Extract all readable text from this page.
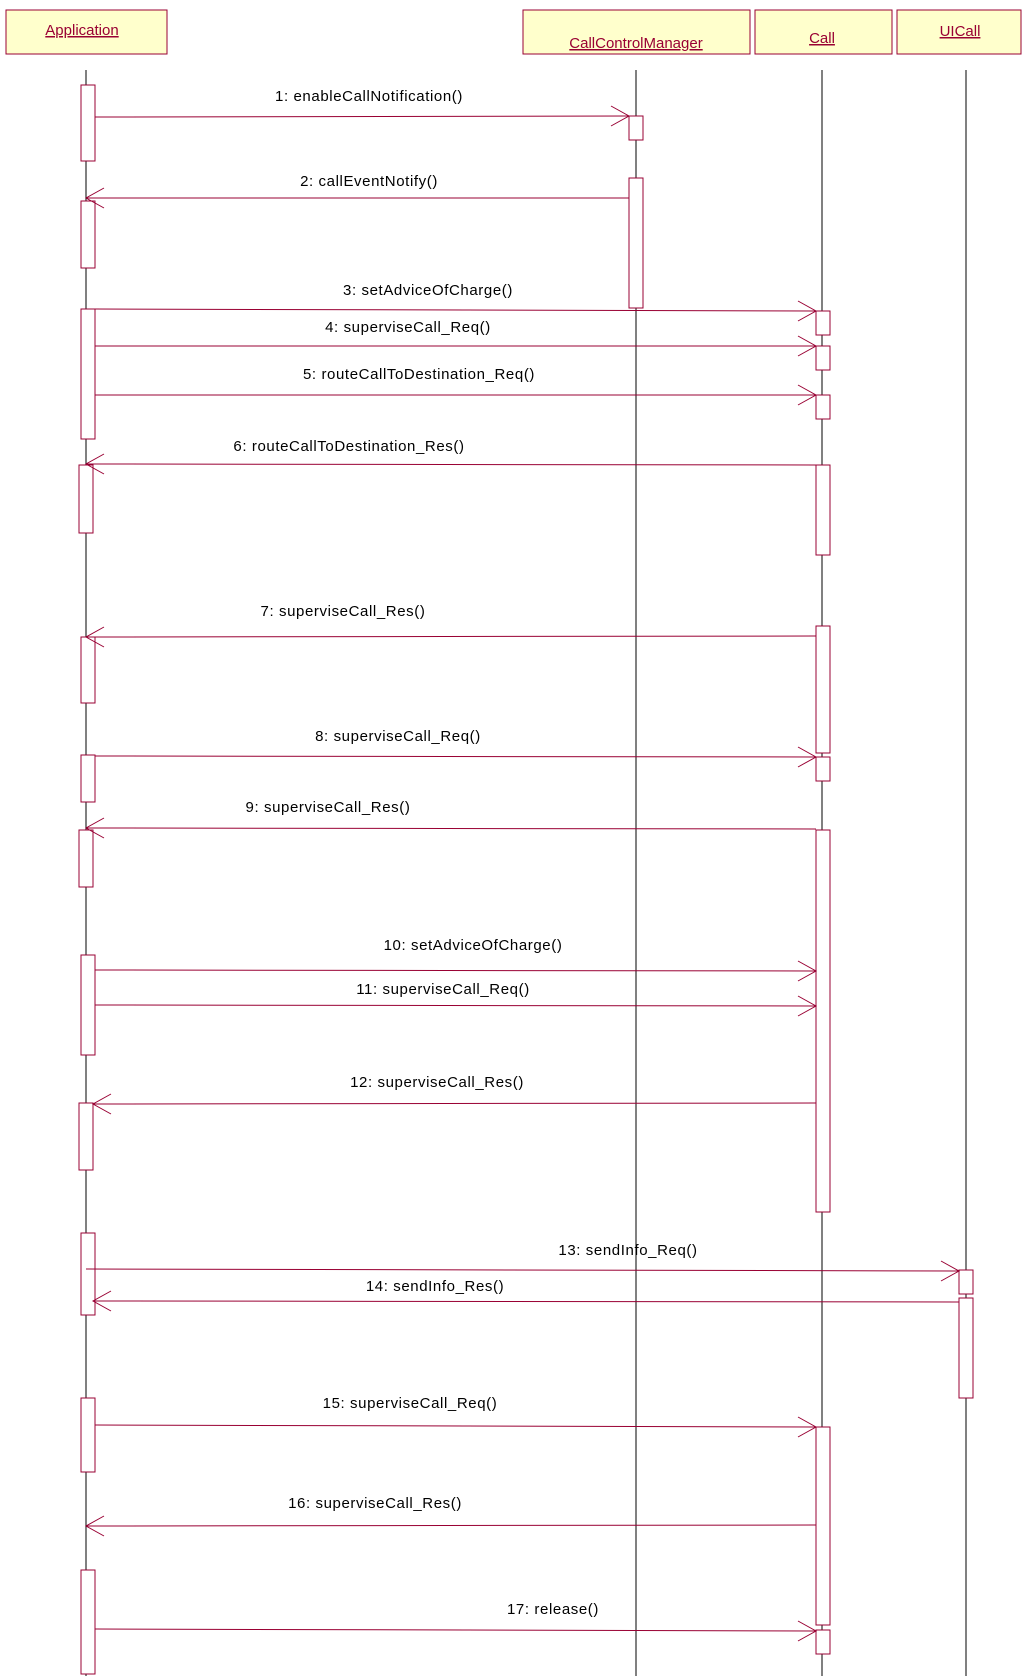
Application
CallControlManager	Call	UICall
1: enableCallNotification()
2: callEventNotify()
3: setAdviceOfCharge()
4: superviseCall_Req()
5: routeCallToDestination_Req()
6: routeCallToDestination_Res()
7: superviseCall_Res()
8: superviseCall_Req()
9: superviseCall_Res()
10: setAdviceOfCharge()
11: superviseCall_Req()
12: superviseCall_Res()
13: sendInfo_Req()
14: sendInfo_Res()
15: superviseCall_Req()
16: superviseCall_Res()
17: release()
